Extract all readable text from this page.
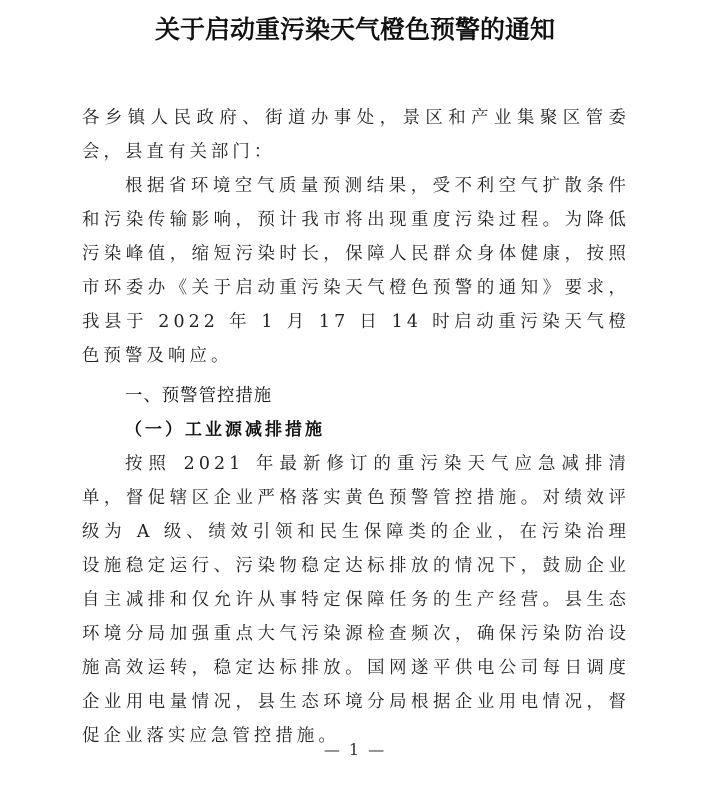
关于启动重污染天气橙色预警的通知

各乡镇人民政府、街道办事处，景区和产业集聚区管委会，县直有关部门：

根据省环境空气质量预测结果，受不利空气扩散条件和污染传输影响，预计我市将出现重度污染过程。为降低污染峰值，缩短污染时长，保障人民群众身体健康，按照市环委办《关于启动重污染天气橙色预警的通知》要求，我县于 2022 年 1 月 17 日 14 时启动重污染天气橙色预警及响应。

一、预警管控措施

（一）工业源减排措施

按照 2021 年最新修订的重污染天气应急减排清单，督促辖区企业严格落实黄色预警管控措施。对绩效评级为 A 级、绩效引领和民生保障类的企业，在污染治理设施稳定运行、污染物稳定达标排放的情况下，鼓励企业自主减排和仅允许从事特定保障任务的生产经营。县生态环境分局加强重点大气污染源检查频次，确保污染防治设施高效运转，稳定达标排放。国网遂平供电公司每日调度企业用电量情况，县生态环境分局根据企业用电情况，督促企业落实应急管控措施。

— 1 —
